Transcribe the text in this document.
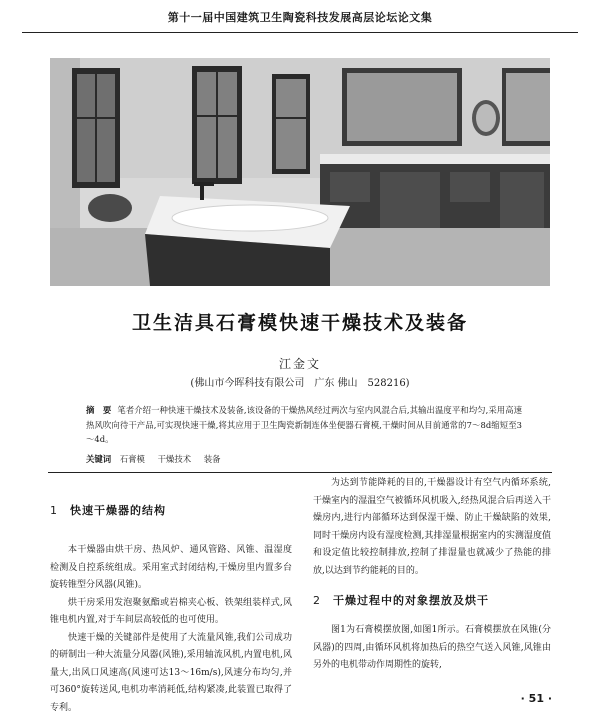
第十一届中国建筑卫生陶瓷科技发展高层论坛论文集
卫生洁具石膏模快速干燥技术及装备
江金文
(佛山市今晖科技有限公司　广东 佛山　528216)
摘　要 笔者介绍一种快速干燥技术及装备,该设备的干燥热风经过两次与室内风混合后,其输出温度平和均匀,采用高速热风吹向待干产品,可实现快速干燥,将其应用于卫生陶瓷新制连体坐便器石膏模,干燥时间从目前通常的7～8d缩短至3～4d。
关键词 石膏模 干燥技术 装备
1 快速干燥器的结构

本干燥器由烘干房、热风炉、通风管路、风锥、温湿度检测及自控系统组成。采用室式封闭结构,干燥房里内置多台旋转锥型分风器(风锥)。

烘干房采用发泡聚氨酯或岩棉夹心板、铁架组装样式,风锥电机内置,对于车间层高较低的也可使用。

快速干燥的关键部件是使用了大流量风锥,我们公司成功的研制出一种大流量分风器(风锥),采用轴流风机,内置电机,风量大,出风口风速高(风速可达13～16m/s),风速分布均匀,并可360°旋转送风,电机功率消耗低,结构紧凑,此装置已取得了专利。

为达到节能降耗的目的,干燥器设计有空气内循环系统,干燥室内的湿温空气被循环风机吸入,经热风混合后再送入干燥房内,进行内部循环达到保湿干燥、防止干燥缺陷的效果,同时干燥房内设有湿度检测,其排湿量根据室内的实测湿度值和设定值比较控制排放,控制了排湿量也就减少了热能的排放,以达到节约能耗的目的。

2 干燥过程中的对象摆放及烘干

图1为石膏模摆放图,如图1所示。石膏模摆放在风锥(分风器)的四周,由循环风机将加热后的热空气送入风锥,风锥由另外的电机带动作周期性的旋转,

· 51 ·
